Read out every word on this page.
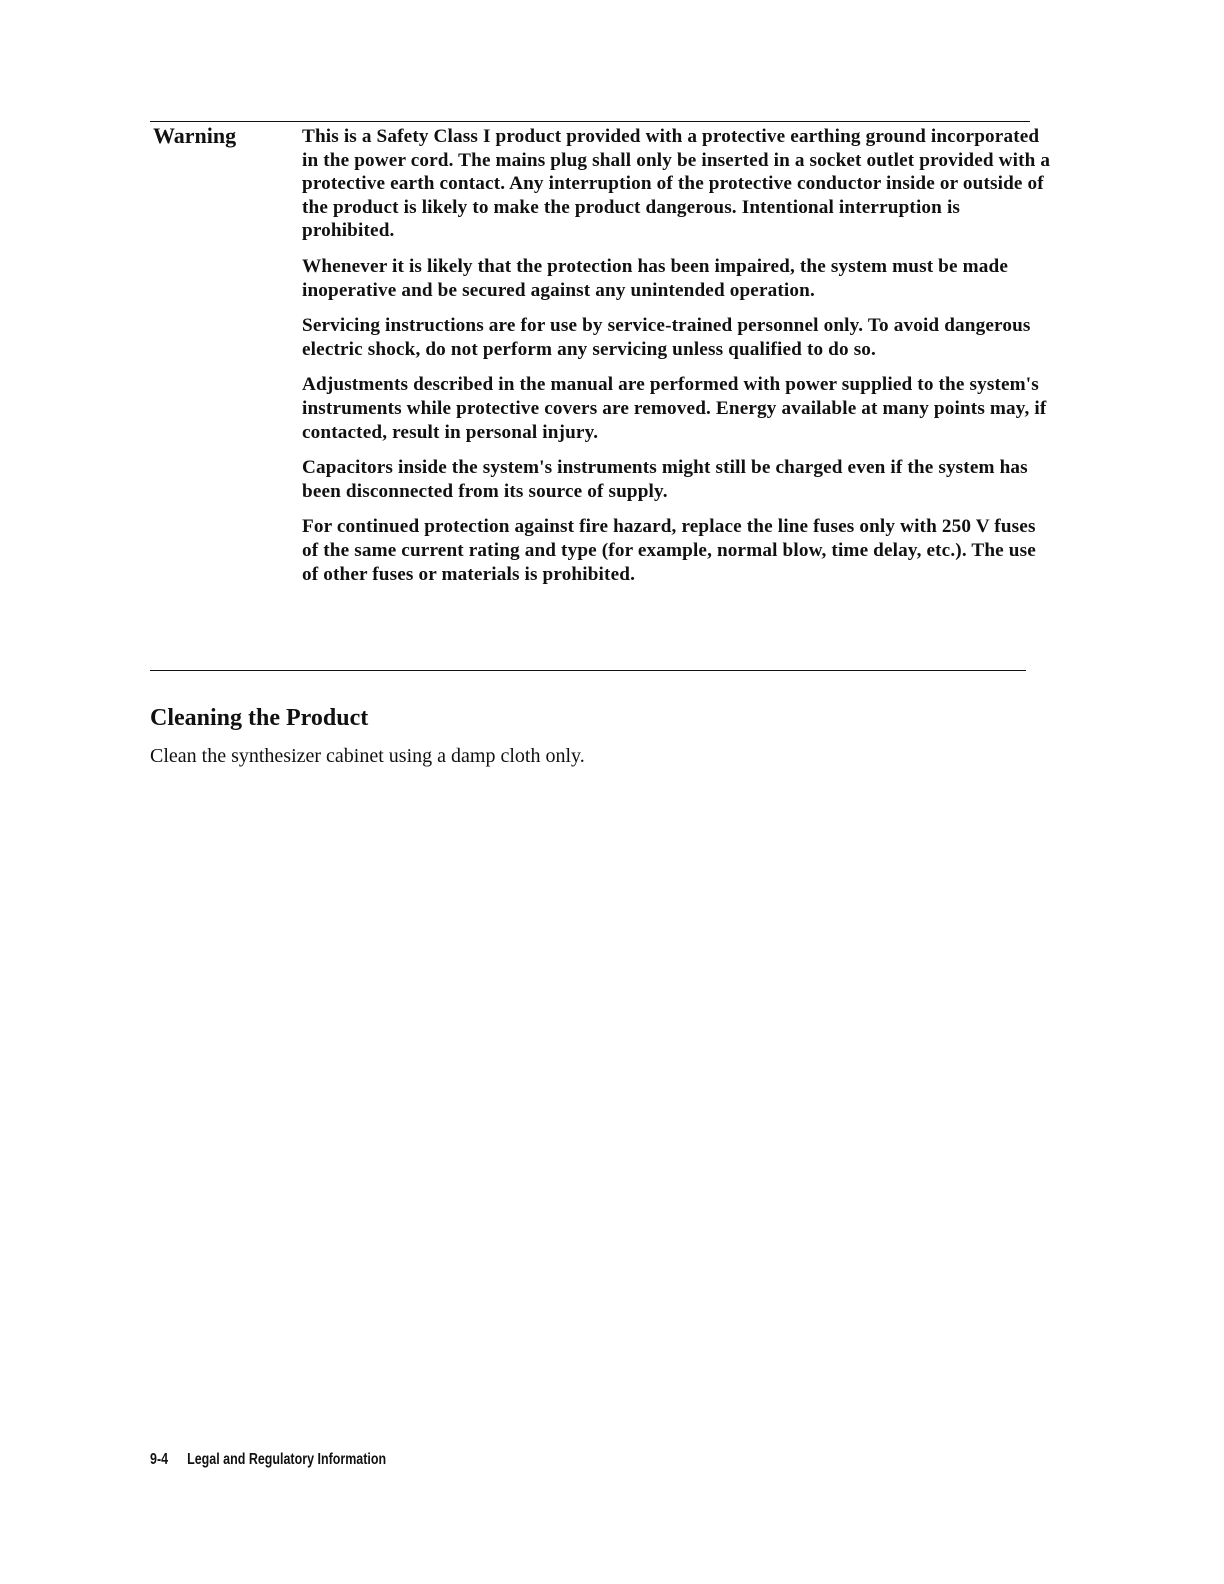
Warning	This is a Safety Class I product provided with a protective earthing ground incorporated in the power cord. The mains plug shall only be inserted in a socket outlet provided with a protective earth contact. Any interruption of the protective conductor inside or outside of the product is likely to make the product dangerous. Intentional interruption is prohibited.

Whenever it is likely that the protection has been impaired, the system must be made inoperative and be secured against any unintended operation.

Servicing instructions are for use by service-trained personnel only. To avoid dangerous electric shock, do not perform any servicing unless qualified to do so.

Adjustments described in the manual are performed with power supplied to the system's instruments while protective covers are removed. Energy available at many points may, if contacted, result in personal injury.

Capacitors inside the system's instruments might still be charged even if the system has been disconnected from its source of supply.

For continued protection against fire hazard, replace the line fuses only with 250 V fuses of the same current rating and type (for example, normal blow, time delay, etc.). The use of other fuses or materials is prohibited.

Cleaning the Product

Clean the synthesizer cabinet using a damp cloth only.

9-4 Legal and Regulatory Information
